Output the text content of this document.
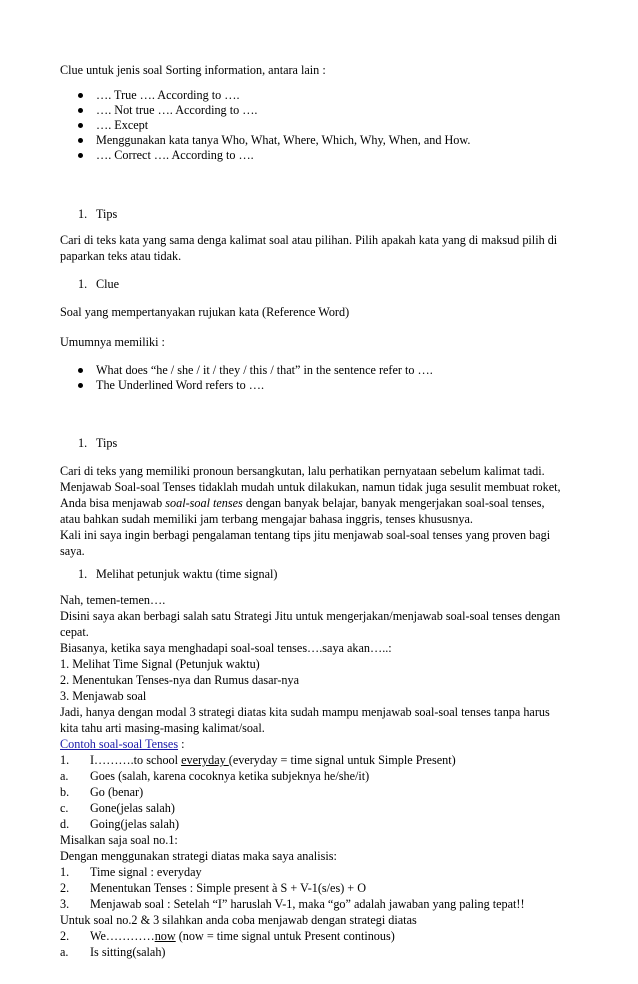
Clue untuk jenis soal Sorting information, antara lain :
…. True …. According to ….
…. Not true …. According to ….
…. Except
Menggunakan kata tanya Who, What, Where, Which, Why, When, and How.
…. Correct …. According to ….
1. Tips
Cari di teks kata yang sama denga kalimat soal atau pilihan. Pilih apakah kata yang di maksud pilih di
paparkan teks atau tidak.
1. Clue
Soal yang mempertanyakan rujukan kata (Reference Word)
Umumnya memiliki :
What does “he / she / it / they / this / that” in the sentence refer to ….
The Underlined Word refers to ….
1. Tips
Cari di teks yang memiliki pronoun bersangkutan, lalu perhatikan pernyataan sebelum kalimat tadi.
Menjawab Soal-soal Tenses tidaklah mudah untuk dilakukan, namun tidak juga sesulit membuat roket,
Anda bisa menjawab soal-soal tenses dengan banyak belajar, banyak mengerjakan soal-soal tenses,
atau bahkan sudah memiliki jam terbang mengajar bahasa inggris, tenses khususnya.
Kali ini saya ingin berbagi pengalaman tentang tips jitu menjawab soal-soal tenses yang proven bagi
saya.
1. Melihat petunjuk waktu (time signal)
Nah, temen-temen….
Disini saya akan berbagi salah satu Strategi Jitu untuk mengerjakan/menjawab soal-soal tenses dengan
cepat.
Biasanya, ketika saya menghadapi soal-soal tenses….saya akan…..:
1. Melihat Time Signal (Petunjuk waktu)
2. Menentukan Tenses-nya dan Rumus dasar-nya
3. Menjawab soal
Jadi, hanya dengan modal 3 strategi diatas kita sudah mampu menjawab soal-soal tenses tanpa harus
kita tahu arti masing-masing kalimat/soal.
Contoh soal-soal Tenses :
1. I……….to school everyday (everyday = time signal untuk Simple Present)
a. Goes (salah, karena cocoknya ketika subjeknya he/she/it)
b. Go (benar)
c. Gone(jelas salah)
d. Going(jelas salah)
Misalkan saja soal no.1:
Dengan menggunakan strategi diatas maka saya analisis:
1. Time signal : everyday
2. Menentukan Tenses : Simple present à S + V-1(s/es) + O
3. Menjawab soal : Setelah “I” haruslah V-1, maka “go” adalah jawaban yang paling tepat!!
Untuk soal no.2 & 3 silahkan anda coba menjawab dengan strategi diatas
2. We…………now (now = time signal untuk Present continous)
a. Is sitting(salah)
